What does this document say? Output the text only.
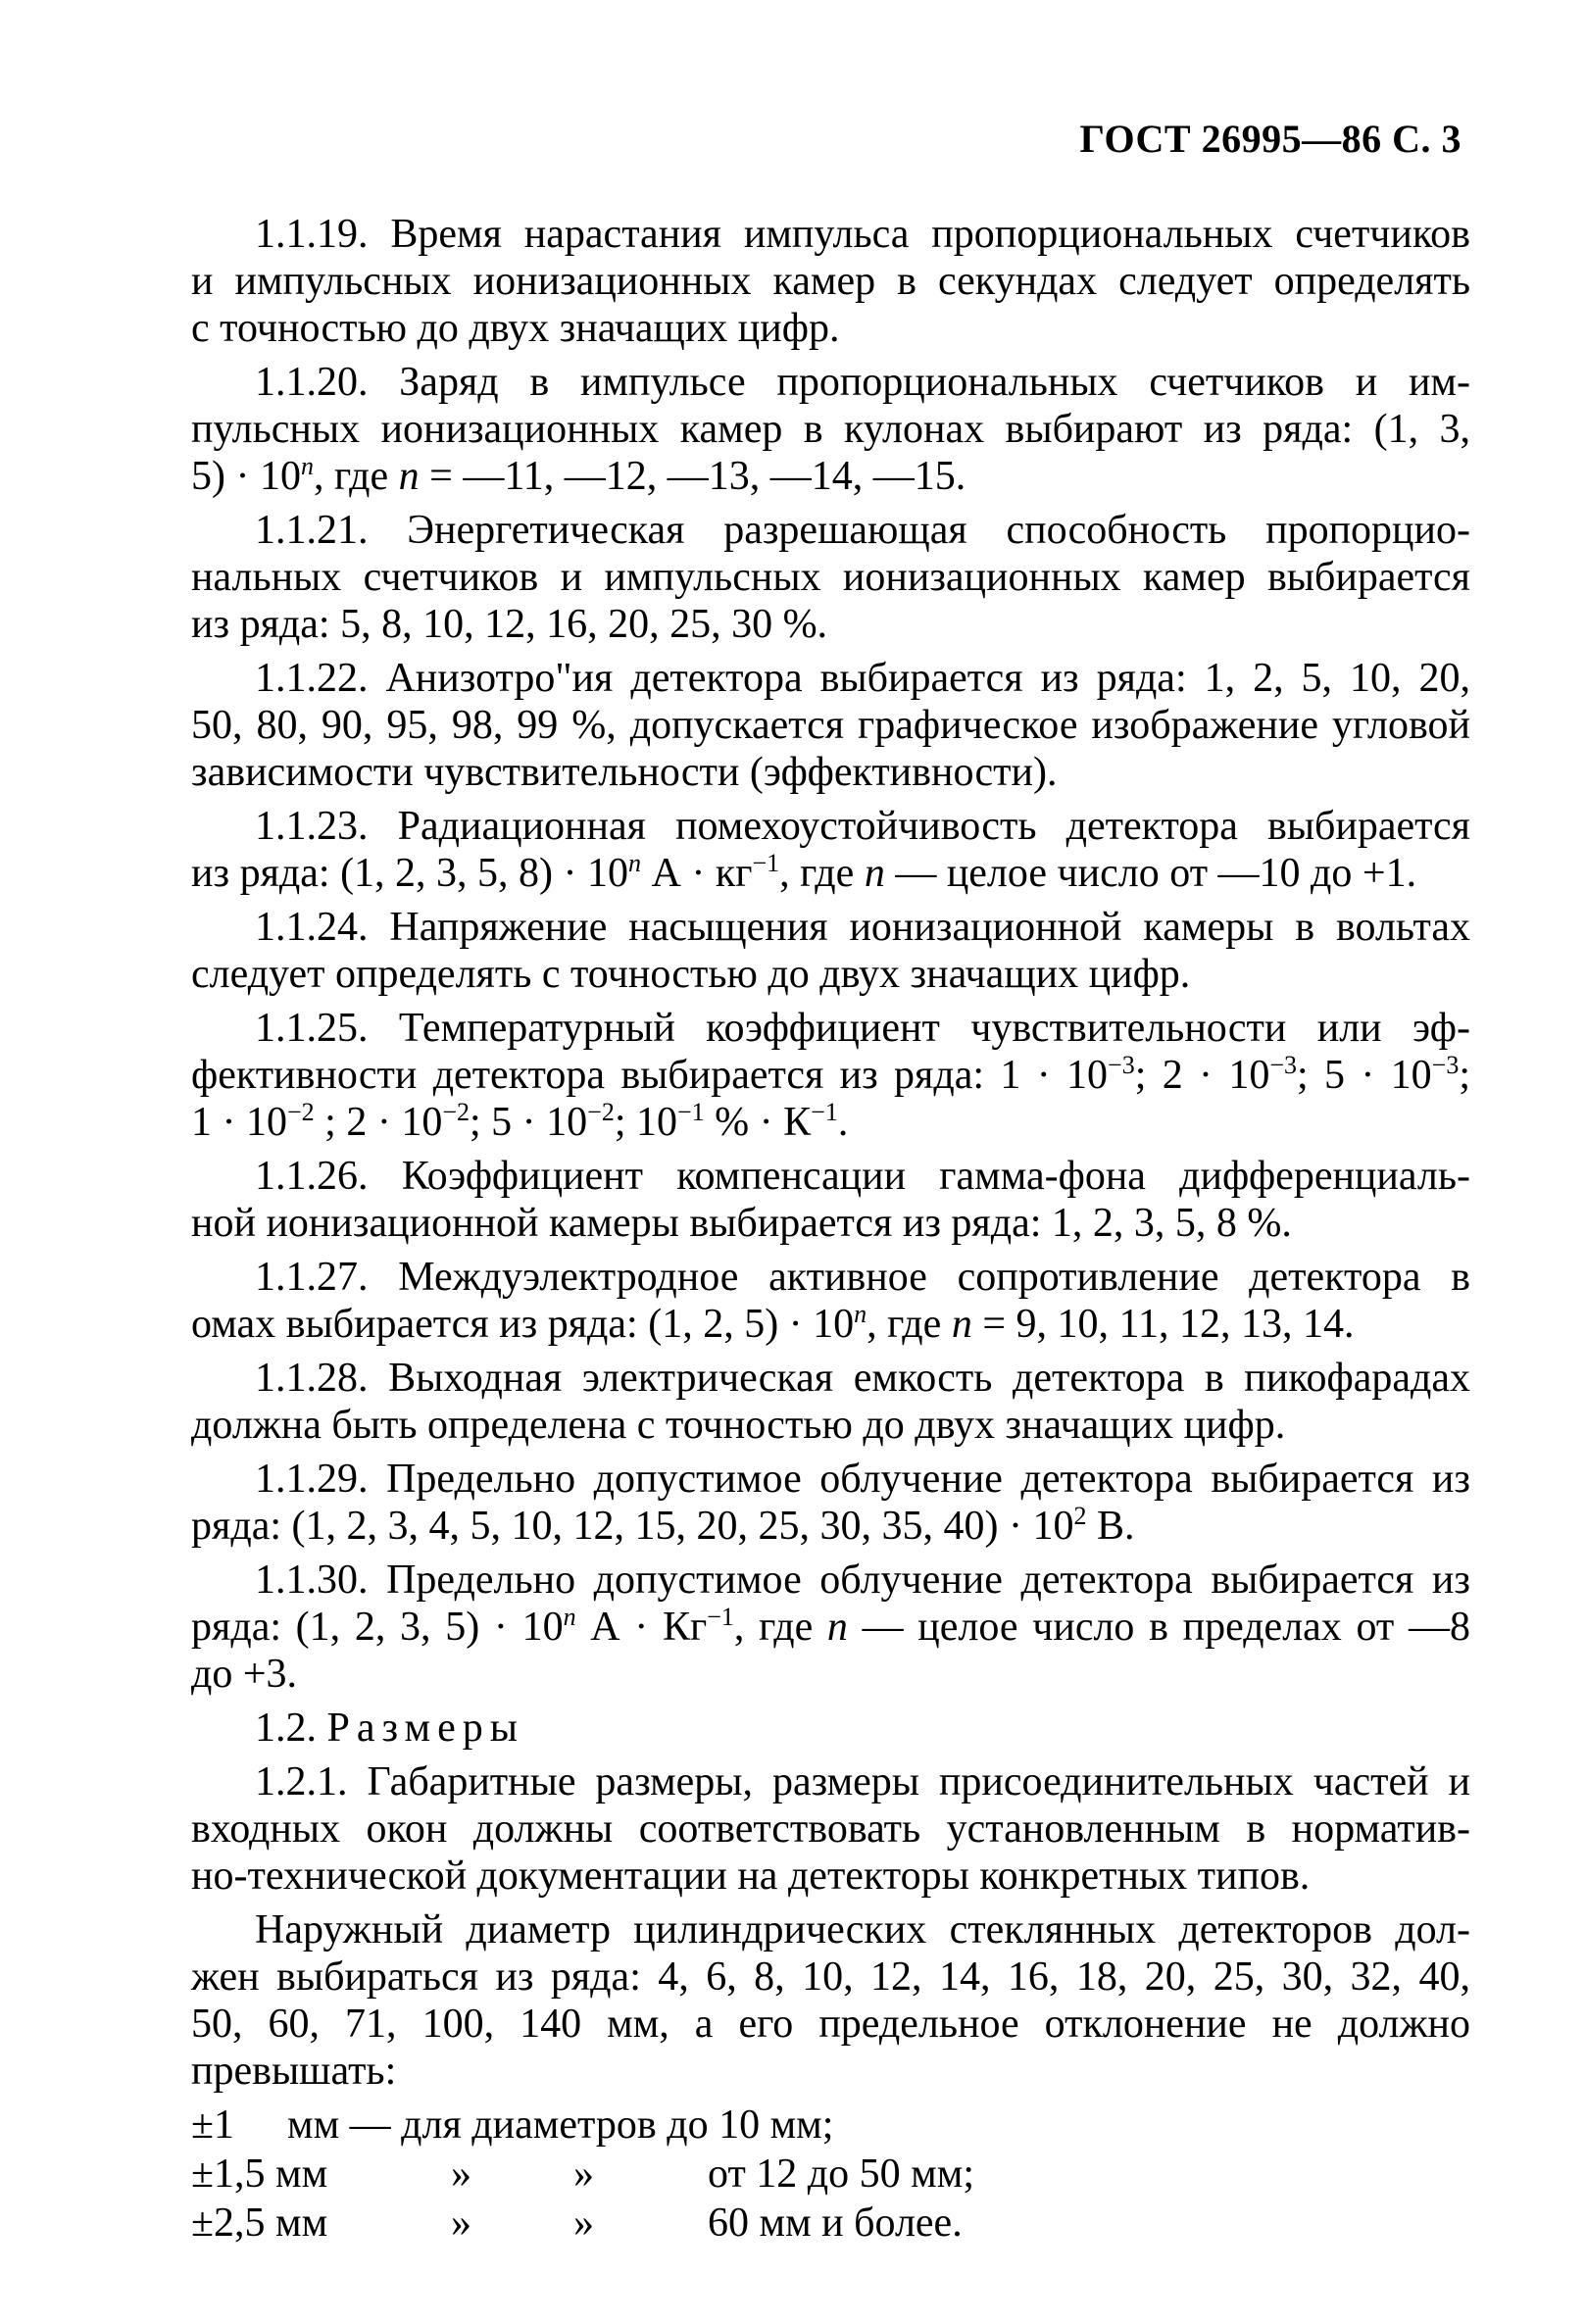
ГОСТ 26995—86 С. 3
1.1.19. Время нарастания импульса пропорциональных счетчиков
и импульсных ионизационных камер в секундах следует определять
с точностью до двух значащих цифр.
1.1.20. Заряд в импульсе пропорциональных счетчиков и им-
пульсных ионизационных камер в кулонах выбирают из ряда: (1, 3,
$5) \cdot 10^n$, где n = —11, —12, —13, —14, —15.
1.1.21. Энергетическая разрешающая способность пропорцио-
нальных счетчиков и импульсных ионизационных камер выбирается
из ряда: 5, 8, 10, 12, 16, 20, 25, 30 %.
1.1.22. Анизотро"ия детектора выбирается из ряда: 1, 2, 5, 10, 20,
50, 80, 90, 95, 98, 99 %, допускается графическое изображение угловой
зависимости чувствительности (эффективности).
1.1.23. Радиационная помехоустойчивость детектора выбирается
из ряда: (1, 2, 3, 5, $8) \cdot 10^n$ $А \cdot кг^{-1}$, где n — целое число от —10 до +1.
1.1.24. Напряжение насыщения ионизационной камеры в вольтах
следует определять с точностью до двух значащих цифр.
1.1.25. Температурный коэффициент чувствительности или эф-
фективности детектора выбирается из ряда: $1 \cdot 10^{-3}$; $2 \cdot 10^{-3}$; $5 \cdot 10^{-3}$;
$1 \cdot 10^{-2}$ ; $2 \cdot 10^{-2}$; $5 \cdot 10^{-2}$; $10^{-1}$ % · $К^{-1}$.
1.1.26. Коэффициент компенсации гамма-фона дифференциаль-
ной ионизационной камеры выбирается из ряда: 1, 2, 3, 5, 8 %.
1.1.27. Междуэлектродное активное сопротивление детектора в
омах выбирается из ряда: (1, 2, $5) \cdot 10^n$, где n = 9, 10, 11, 12, 13, 14.
1.1.28. Выходная электрическая емкость детектора в пикофарадах
должна быть определена с точностью до двух значащих цифр.
1.1.29. Предельно допустимое облучение детектора выбирается из
ряда: (1, 2, 3, 4, 5, 10, 12, 15, 20, 25, 30, 35, $40) \cdot 10^2$ В.
1.1.30. Предельно допустимое облучение детектора выбирается из
ряда: (1, 2, 3, $5) \cdot 10^n$ $А \cdot Кг^{-1}$, где n — целое число в пределах от —8
до +3.
1.2. Размеры
1.2.1. Габаритные размеры, размеры присоединительных частей и
входных окон должны соответствовать установленным в норматив-
но-технической документации на детекторы конкретных типов.
Наружный диаметр цилиндрических стеклянных детекторов дол-
жен выбираться из ряда: 4, 6, 8, 10, 12, 14, 16, 18, 20, 25, 30, 32, 40,
50, 60, 71, 100, 140 мм, а его предельное отклонение не должно
превышать:
±1 мм — для диаметров до 10 мм;
±1,5 мм	» »	от 12 до 50 мм;
±2,5 мм	» »	60 мм и более.
